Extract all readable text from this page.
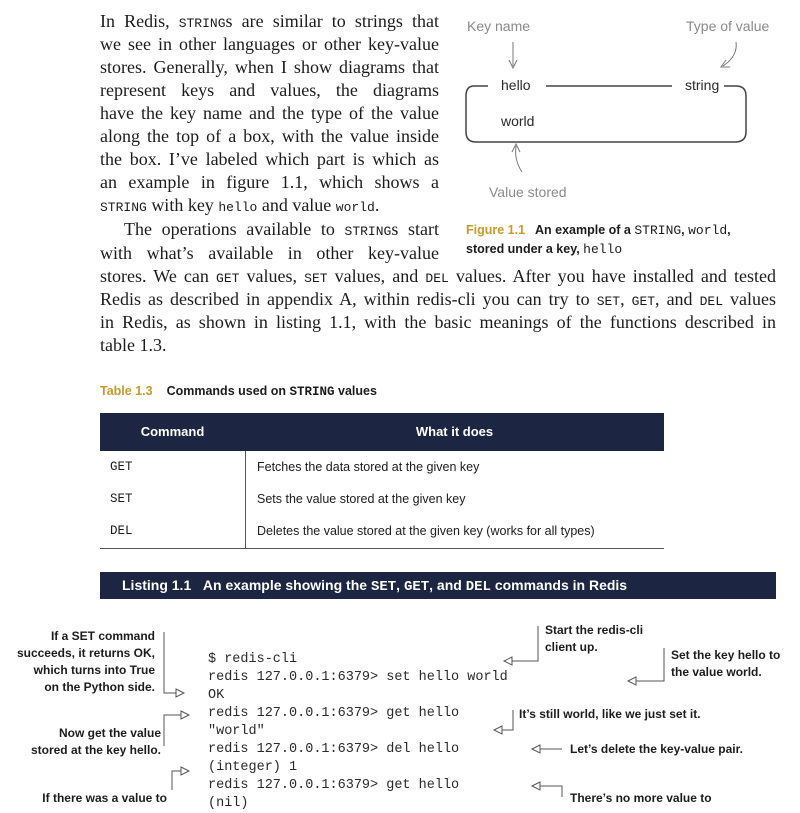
In Redis, STRINGs are similar to strings that
we see in other languages or other key-value
stores. Generally, when I show diagrams that
represent keys and values, the diagrams
have the key name and the type of the value
along the top of a box, with the value inside
the box. I’ve labeled which part is which as
an example in figure 1.1, which shows a
STRING with key hello and value world.
The operations available to STRINGs start
with what’s available in other key-value
stores. We can GET values, SET values, and DEL values. After you have installed and tested
Redis as described in appendix A, within redis-cli you can try to SET, GET, and DEL values
in Redis, as shown in listing 1.1, with the basic meanings of the functions described in
table 1.3.
Key name	Type of value
hello	string
world
Value stored
Figure 1.1 An example of a STRING, world,
stored under a key, hello
Table 1.3 Commands used on STRING values
Command	What it does
GET	Fetches the data stored at the given key
SET	Sets the value stored at the given key
DEL	Deletes the value stored at the given key (works for all types)
Listing 1.1 An example showing the SET, GET, and DEL commands in Redis
$ redis-cli
redis 127.0.0.1:6379> set hello world
OK
redis 127.0.0.1:6379> get hello
"world"
redis 127.0.0.1:6379> del hello
(integer) 1
redis 127.0.0.1:6379> get hello
(nil)
If a SET command
succeeds, it returns OK,
which turns into True
on the Python side.
Now get the value
stored at the key hello.
If there was a value to
Start the redis-cli
client up.
Set the key hello to
the value world.
It’s still world, like we just set it.
Let’s delete the key-value pair.
There’s no more value to
